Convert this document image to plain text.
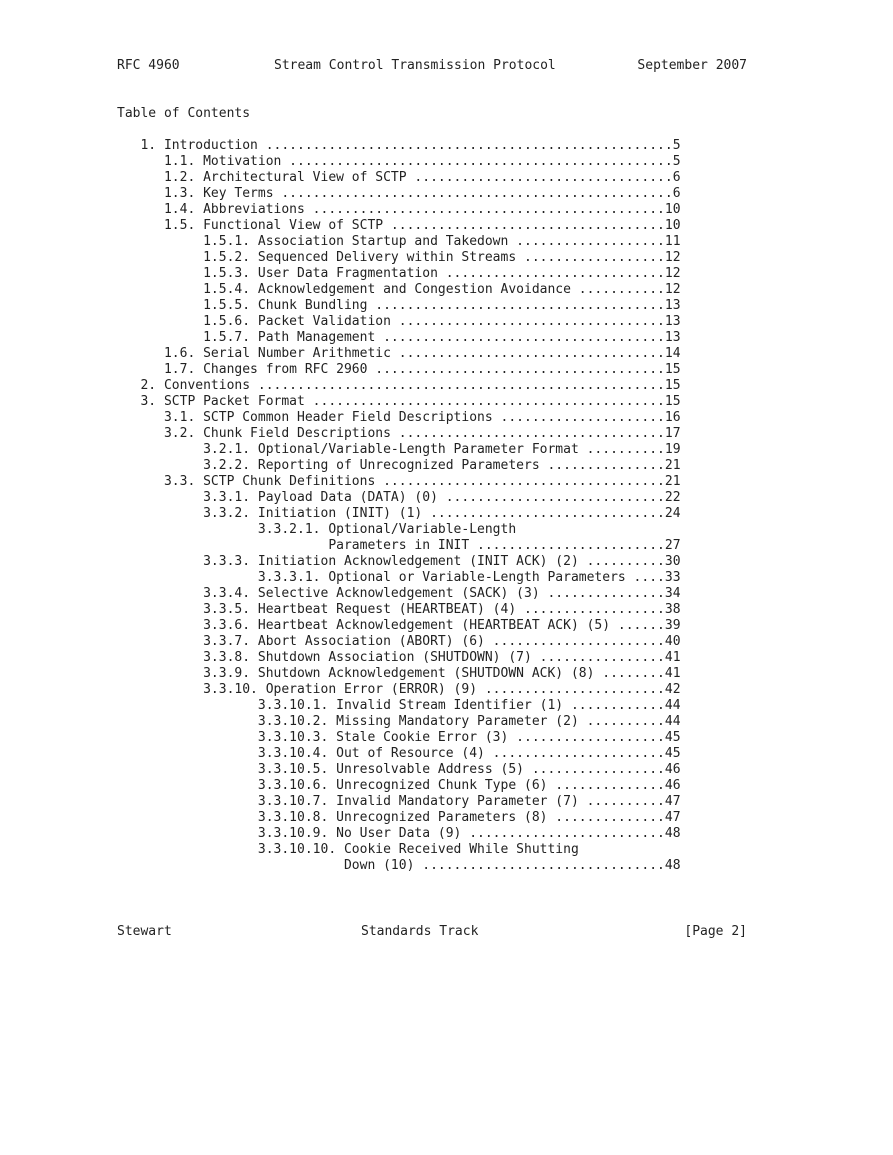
RFC 4960

	Stream Control Transmission Protocol

	September 2007

Table of Contents
1. Introduction ....................................................5
1.1. Motivation .................................................5
1.2. Architectural View of SCTP .................................6
1.3. Key Terms ..................................................6
1.4. Abbreviations .............................................10
1.5. Functional View of SCTP ...................................10
1.5.1. Association Startup and Takedown ...................11
1.5.2. Sequenced Delivery within Streams ..................12
1.5.3. User Data Fragmentation ............................12
1.5.4. Acknowledgement and Congestion Avoidance ...........12
1.5.5. Chunk Bundling .....................................13
1.5.6. Packet Validation ..................................13
1.5.7. Path Management ....................................13
1.6. Serial Number Arithmetic ..................................14
1.7. Changes from RFC 2960 .....................................15
2. Conventions ....................................................15
3. SCTP Packet Format .............................................15
3.1. SCTP Common Header Field Descriptions .....................16
3.2. Chunk Field Descriptions ..................................17
3.2.1. Optional/Variable-Length Parameter Format ..........19
3.2.2. Reporting of Unrecognized Parameters ...............21
3.3. SCTP Chunk Definitions ....................................21
3.3.1. Payload Data (DATA) (0) ............................22
3.3.2. Initiation (INIT) (1) ..............................24
3.3.2.1. Optional/Variable-Length
Parameters in INIT ........................27
3.3.3. Initiation Acknowledgement (INIT ACK) (2) ..........30
3.3.3.1. Optional or Variable-Length Parameters ....33
3.3.4. Selective Acknowledgement (SACK) (3) ...............34
3.3.5. Heartbeat Request (HEARTBEAT) (4) ..................38
3.3.6. Heartbeat Acknowledgement (HEARTBEAT ACK) (5) ......39
3.3.7. Abort Association (ABORT) (6) ......................40
3.3.8. Shutdown Association (SHUTDOWN) (7) ................41
3.3.9. Shutdown Acknowledgement (SHUTDOWN ACK) (8) ........41
3.3.10. Operation Error (ERROR) (9) .......................42
3.3.10.1. Invalid Stream Identifier (1) ............44
3.3.10.2. Missing Mandatory Parameter (2) ..........44
3.3.10.3. Stale Cookie Error (3) ...................45
3.3.10.4. Out of Resource (4) ......................45
3.3.10.5. Unresolvable Address (5) .................46
3.3.10.6. Unrecognized Chunk Type (6) ..............46
3.3.10.7. Invalid Mandatory Parameter (7) ..........47
3.3.10.8. Unrecognized Parameters (8) ..............47
3.3.10.9. No User Data (9) .........................48
3.3.10.10. Cookie Received While Shutting
Down (10) ...............................48

Stewart

	Standards Track

	[Page 2]
